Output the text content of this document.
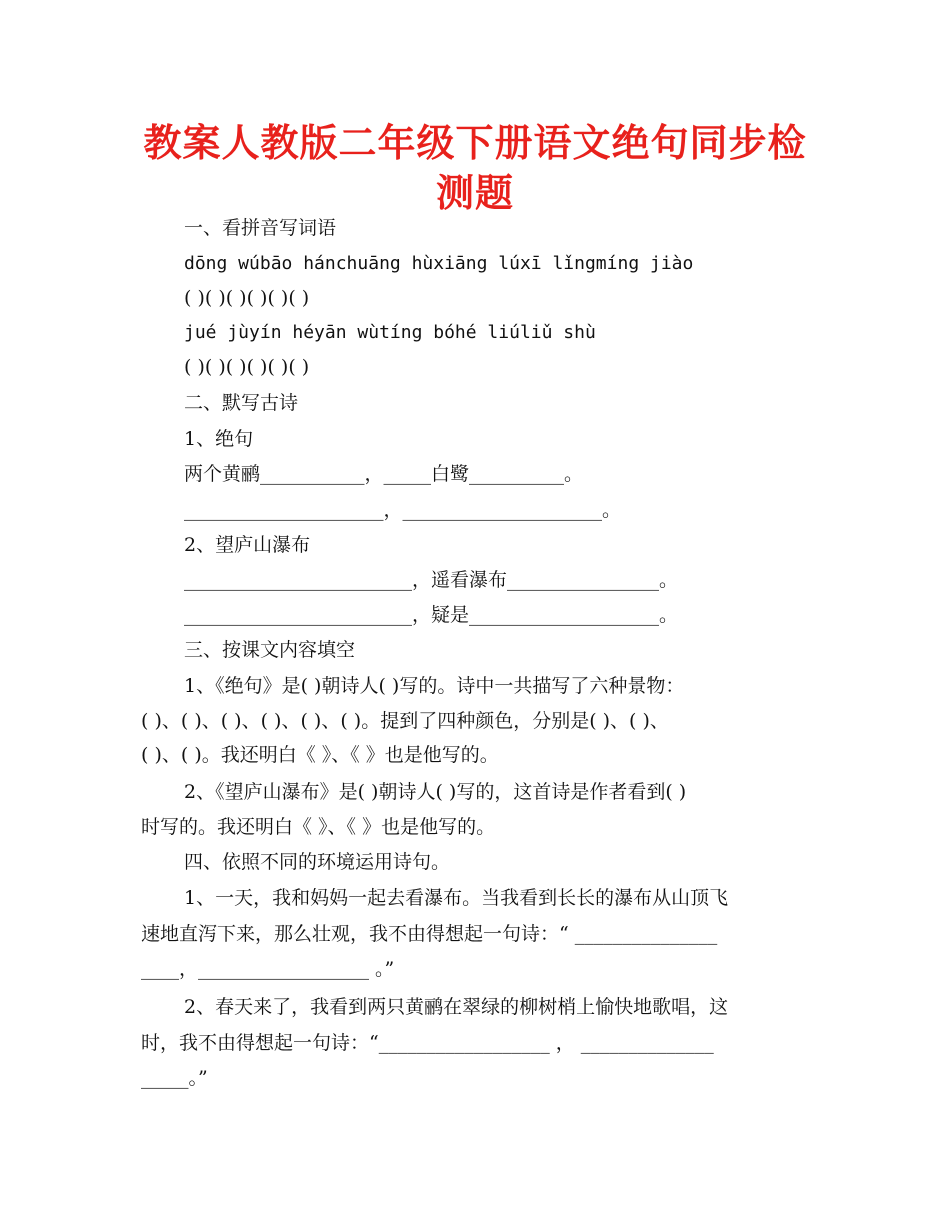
教案人教版二年级下册语文绝句同步检测题
一、看拼音写词语
dōng wúbāo hánchuāng hùxiāng lúxī lǐngmíng jiào
( )( )( )( )( )( )
jué jùyín héyān wùtíng bóhé liúliǔ shù
( )( )( )( )( )( )
二、默写古诗
1、绝句
两个黄鹂___________，_____白鹭__________。
_____________________，_____________________。
2、望庐山瀑布
________________________，遥看瀑布________________。
________________________，疑是____________________。
三、按课文内容填空
1、《绝句》是( )朝诗人( )写的。诗中一共描写了六种景物：
( )、( )、( )、( )、( )、( )。提到了四种颜色，分别是( )、( )、
( )、( )。我还明白《 》、《 》也是他写的。
2、《望庐山瀑布》是( )朝诗人( )写的，这首诗是作者看到( )
时写的。我还明白《 》、《 》也是他写的。
四、依照不同的环境运用诗句。
1、一天，我和妈妈一起去看瀑布。当我看到长长的瀑布从山顶飞
速地直泻下来，那么壮观，我不由得想起一句诗：“ _______________
____，__________________ 。”
2、春天来了，我看到两只黄鹂在翠绿的柳树梢上愉快地歌唱，这
时，我不由得想起一句诗：“__________________ ， ______________
_____。”
